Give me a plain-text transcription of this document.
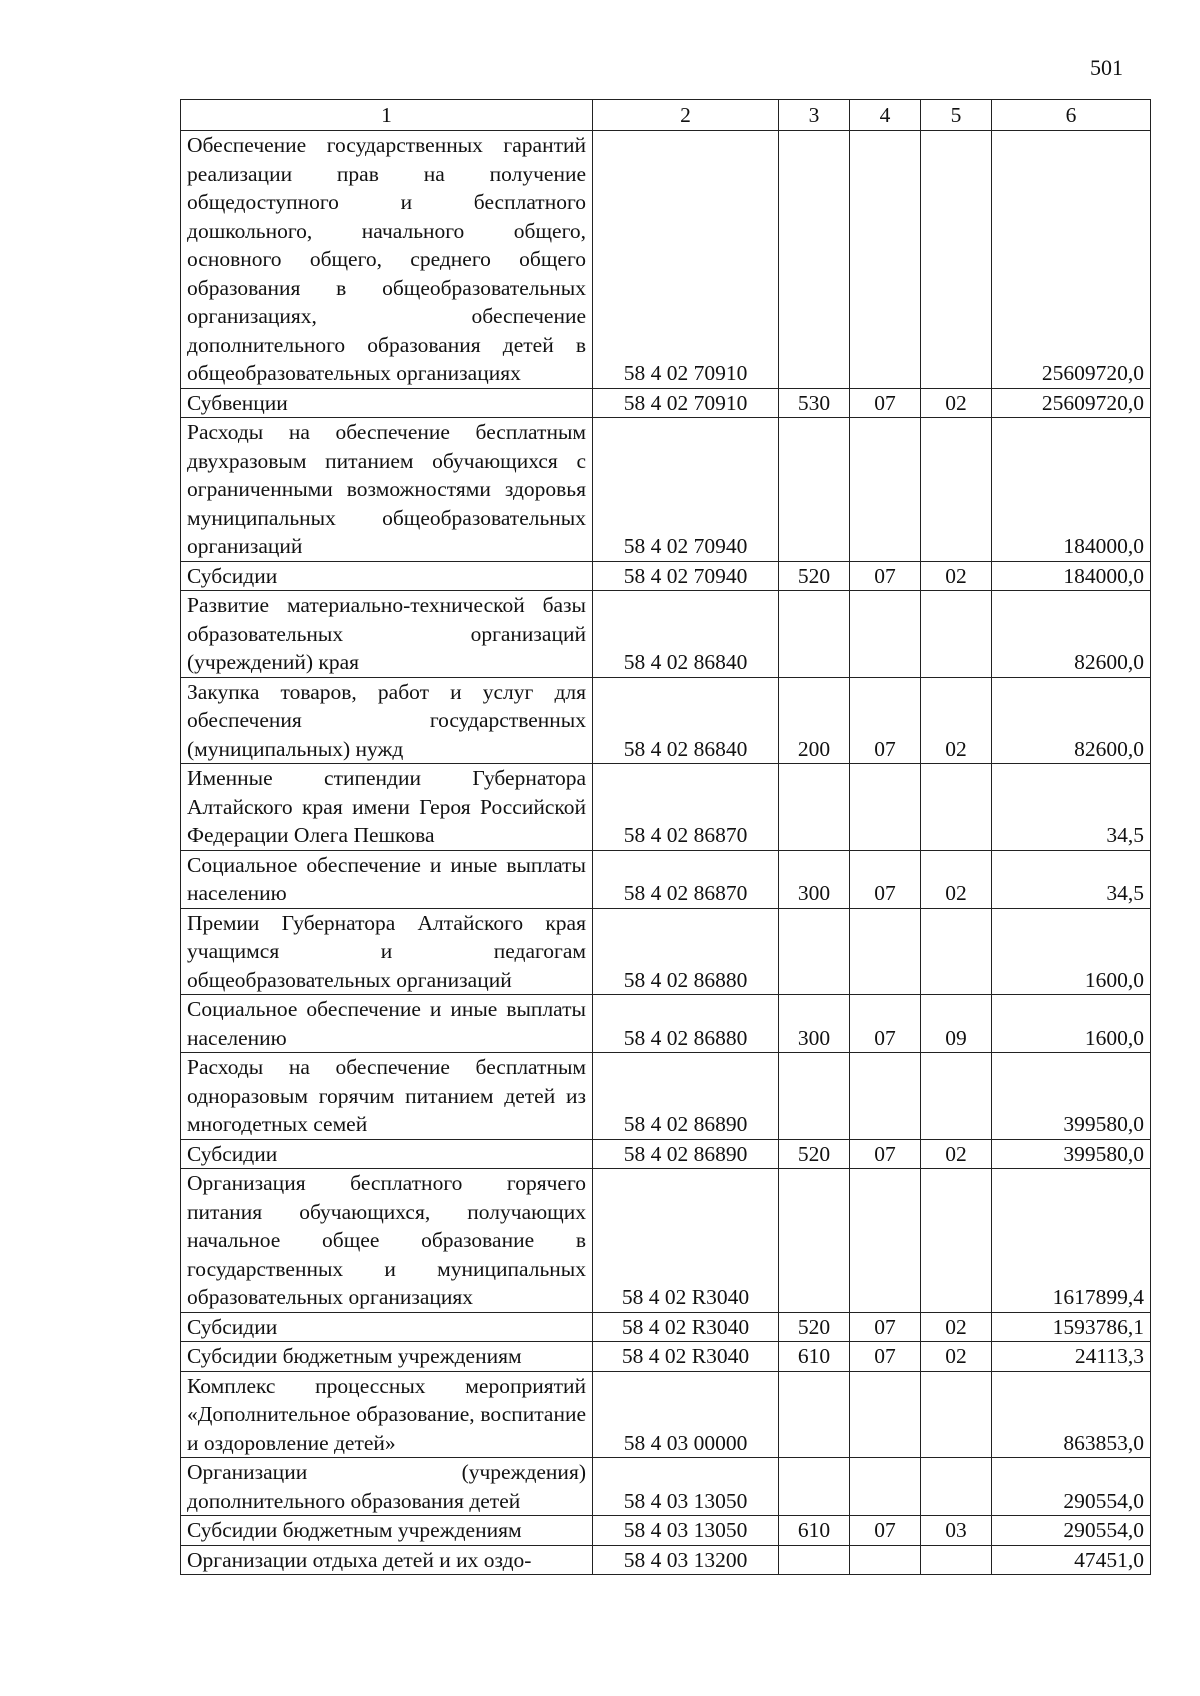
501
1	2	3	4	5	6
Обеспечение государственных гарантий реализации прав на получение общедоступного и бесплатного дошкольного, начального общего, основного общего, среднего общего образования в общеобразовательных организациях, обеспечение дополнительного образования детей в общеобразовательных организациях	58 4 02 70910				25609720,0
Субвенции	58 4 02 70910	530	07	02	25609720,0
Расходы на обеспечение бесплатным двухразовым питанием обучающихся с ограниченными возможностями здоровья муниципальных общеобразовательных организаций	58 4 02 70940				184000,0
Субсидии	58 4 02 70940	520	07	02	184000,0
Развитие материально-технической базы образовательных организаций (учреждений) края	58 4 02 86840				82600,0
Закупка товаров, работ и услуг для обеспечения государственных (муниципальных) нужд	58 4 02 86840	200	07	02	82600,0
Именные стипендии Губернатора Алтайского края имени Героя Российской Федерации Олега Пешкова	58 4 02 86870				34,5
Социальное обеспечение и иные выплаты населению	58 4 02 86870	300	07	02	34,5
Премии Губернатора Алтайского края учащимся и педагогам общеобразовательных организаций	58 4 02 86880				1600,0
Социальное обеспечение и иные выплаты населению	58 4 02 86880	300	07	09	1600,0
Расходы на обеспечение бесплатным одноразовым горячим питанием детей из многодетных семей	58 4 02 86890				399580,0
Субсидии	58 4 02 86890	520	07	02	399580,0
Организация бесплатного горячего питания обучающихся, получающих начальное общее образование в государственных и муниципальных образовательных организациях	58 4 02 R3040				1617899,4
Субсидии	58 4 02 R3040	520	07	02	1593786,1
Субсидии бюджетным учреждениям	58 4 02 R3040	610	07	02	24113,3
Комплекс процессных мероприятий «Дополнительное образование, воспитание и оздоровление детей»	58 4 03 00000				863853,0
Организации (учреждения) дополнительного образования детей	58 4 03 13050				290554,0
Субсидии бюджетным учреждениям	58 4 03 13050	610	07	03	290554,0
Организации отдыха детей и их оздо-	58 4 03 13200				47451,0
